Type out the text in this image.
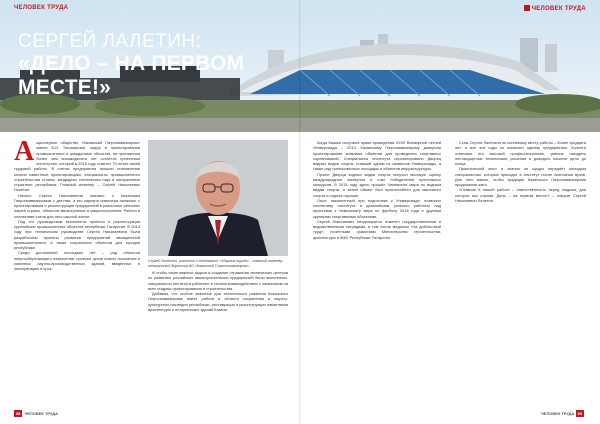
ЧЕЛОВЕК ТРУДА	ЧЕЛОВЕК ТРУДА
СЕРГЕЙ ЛАЛЕТИН:
«ДЕЛО – НА ПЕРВОМ МЕСТЕ!»
А кционерное общество «Казанский Гипрониавиапром» имени Б.И. Тихомирова, лидер в проектировании промышленных и гражданских объектов, на протяжении более чем восьмидесяти лет остаётся проектным институтом, который в 2016 году отметит 70-летие своей трудовой работы. В стенах предприятия прошли становление многие известные проектировщики, специалисты промышленного строительства страны, кандидаты технических наук и заслуженные строители республики. Главный инженер – Сергей Николаевич Лалетин.

Начало Сергея Николаевича связано с Казанским Гипрониавиапромом с детства, а его карьера инженера началась с проектирования и реконструкции предприятий в различных регионах нашей страны, объектов авиастроения и машиностроения. Работа в коллективе стала для него школой жизни.

Под его руководством выполнены проекты и реконструкции крупнейших промышленных объектов республики Татарстан. В 2014 году при техническом руководстве Сергея Николаевича были разработаны проекты развития предприятий авиационной промышленности, а также социальных объектов для городов республики.

Среди достижений последних лет – ряд объектов энергосберегающего назначения, проекты цехов нового поколения и комплекс научно-производственных зданий, введённых в эксплуатацию в срок.

Сергей Лалетин, участник и дипломант «Ударник труда» – главный инженер, генеральный директор АО «Казанский Гипронииавиапром».

И чтобы такие важные задачи и создание отражения технических центров по развитию российских авиастроительных предприятий были выполнены, специалисты института работают в тесном взаимодействии с заказчиком на всех стадиях проектирования и строительства.

Добавим, что особое значение для технического развития Казанского Гипрониавиапрома имеет работа в области сохранения и научно-культурного наследия республики, реставрации и реконструкции памятников архитектуры и исторических зданий Казани.

Когда Казань получила право проведения XXVII Всемирной летней Универсиады – 2013, Казанскому Гипрониавиапрому доверили проектирование знаковых объектов для проведения спортивных соревнований. Специалисты института спроектировали Дворец водных видов спорта, ставший одним из символов Универсиады, а также ряд тренировочных площадок и объектов инфраструктуры.

Проект Дворца водных видов спорта получил высокую оценку международных экспертов и стал победителем престижных конкурсов. В 2015 году здесь прошёл Чемпионат мира по водным видам спорта, а затем объект был приспособлен для массового спорта и отдыха горожан.

Опыт, накопленный при подготовке к Универсиаде, позволил коллективу института в дальнейшем успешно работать над проектами к Чемпионату мира по футболу 2018 года и другими крупными спортивными объектами.

Сергей Николаевич неоднократно отмечен государственными и ведомственными наградами, в том числе медалью «За доблестный труд», почётными грамотами Министерства строительства, архитектуры и ЖКХ Республики Татарстан.

Стаж Сергея Лалетина по основному месту работы – более тридцати лет, и все эти годы он посвятил одному предприятию. Коллеги отмечают его высокий профессионализм, умение находить нестандартные технические решения и доводить начатое дело до конца.

Практический опыт и знания он щедро передаёт молодым специалистам, которые приходят в институт после окончания вузов. Для него важно, чтобы традиции Казанского Гипрониавиапрома продолжали жить.

«Главное в нашей работе – ответственность перед людьми, для которых мы строим. Дело – на первом месте!» – говорит Сергей Николаевич Лалетин.

58 ЧЕЛОВЕК ТРУДА	ЧЕЛОВЕК ТРУДА 59
